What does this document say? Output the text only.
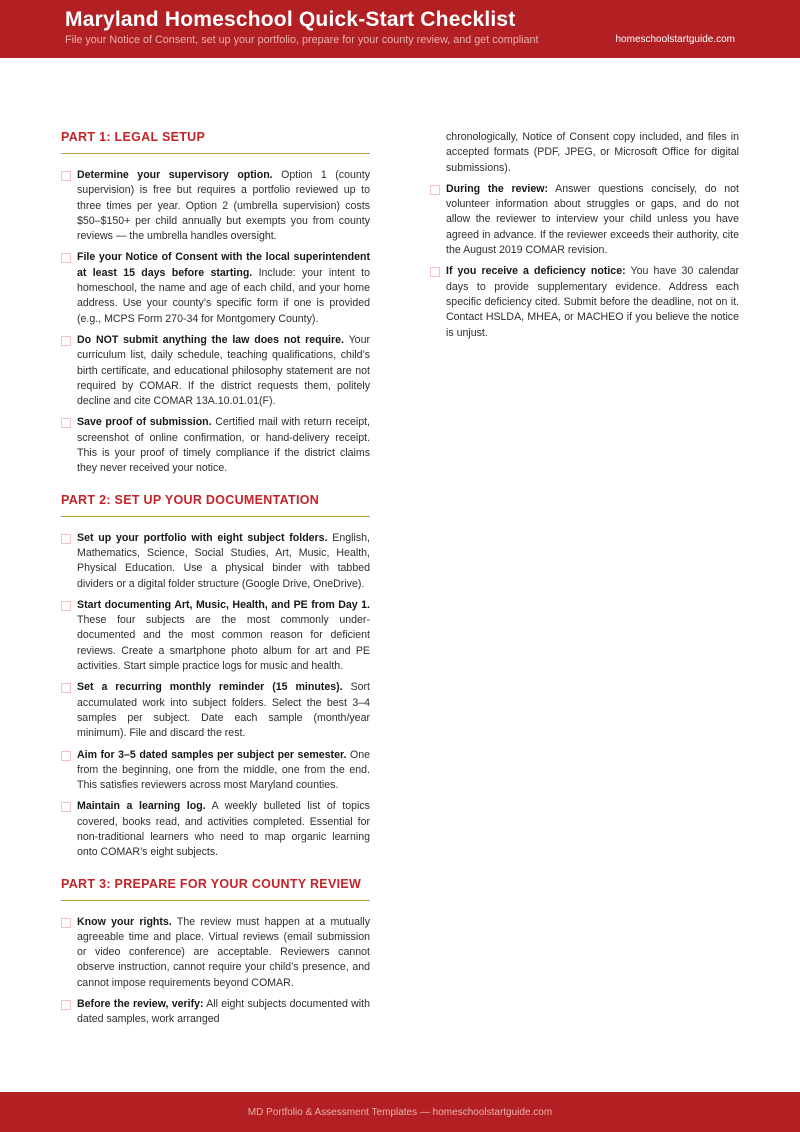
Maryland Homeschool Quick-Start Checklist

File your Notice of Consent, set up your portfolio, prepare for your county review, and get compliant	homeschoolstartguide.com
PART 1: LEGAL SETUP

Determine your supervisory option. Option 1 (county supervision) is free but requires a portfolio reviewed up to three times per year. Option 2 (umbrella supervision) costs $50–$150+ per child annually but exempts you from county reviews — the umbrella handles oversight.

File your Notice of Consent with the local superintendent at least 15 days before starting. Include: your intent to homeschool, the name and age of each child, and your home address. Use your county’s specific form if one is provided (e.g., MCPS Form 270-34 for Montgomery County).

Do NOT submit anything the law does not require. Your curriculum list, daily schedule, teaching qualifications, child’s birth certificate, and educational philosophy statement are not required by COMAR. If the district requests them, politely decline and cite COMAR 13A.10.01.01(F).

Save proof of submission. Certified mail with return receipt, screenshot of online confirmation, or hand-delivery receipt. This is your proof of timely compliance if the district claims they never received your notice.

PART 2: SET UP YOUR DOCUMENTATION

Set up your portfolio with eight subject folders. English, Mathematics, Science, Social Studies, Art, Music, Health, Physical Education. Use a physical binder with tabbed dividers or a digital folder structure (Google Drive, OneDrive).

Start documenting Art, Music, Health, and PE from Day 1. These four subjects are the most commonly under-documented and the most common reason for deficient reviews. Create a smartphone photo album for art and PE activities. Start simple practice logs for music and health.

Set a recurring monthly reminder (15 minutes). Sort accumulated work into subject folders. Select the best 3–4 samples per subject. Date each sample (month/year minimum). File and discard the rest.

Aim for 3–5 dated samples per subject per semester. One from the beginning, one from the middle, one from the end. This satisfies reviewers across most Maryland counties.

Maintain a learning log. A weekly bulleted list of topics covered, books read, and activities completed. Essential for non-traditional learners who need to map organic learning onto COMAR’s eight subjects.

PART 3: PREPARE FOR YOUR COUNTY REVIEW

Know your rights. The review must happen at a mutually agreeable time and place. Virtual reviews (email submission or video conference) are acceptable. Reviewers cannot observe instruction, cannot require your child’s presence, and cannot impose requirements beyond COMAR.

Before the review, verify: All eight subjects documented with dated samples, work arranged

chronologically, Notice of Consent copy included, and files in accepted formats (PDF, JPEG, or Microsoft Office for digital submissions).

During the review: Answer questions concisely, do not volunteer information about struggles or gaps, and do not allow the reviewer to interview your child unless you have agreed in advance. If the reviewer exceeds their authority, cite the August 2019 COMAR revision.

If you receive a deficiency notice: You have 30 calendar days to provide supplementary evidence. Address each specific deficiency cited. Submit before the deadline, not on it. Contact HSLDA, MHEA, or MACHEO if you believe the notice is unjust.

MD Portfolio & Assessment Templates — homeschoolstartguide.com
